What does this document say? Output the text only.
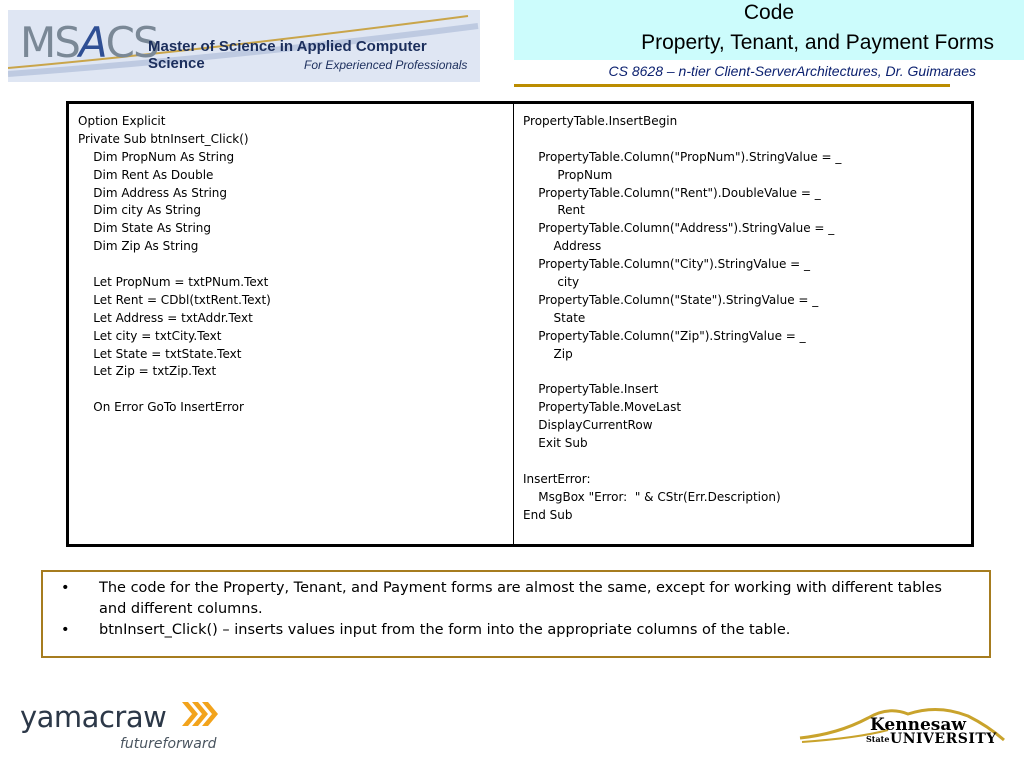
MSACS
Master of Science in Applied Computer Science	For Experienced Professionals
Code
Property, Tenant, and Payment Forms
CS 8628 – n-tier Client-ServerArchitectures, Dr. Guimaraes
Option Explicit
Private Sub btnInsert_Click()
Dim PropNum As String
Dim Rent As Double
Dim Address As String
Dim city As String
Dim State As String
Dim Zip As String
Let PropNum = txtPNum.Text
Let Rent = CDbl(txtRent.Text)
Let Address = txtAddr.Text
Let city = txtCity.Text
Let State = txtState.Text
Let Zip = txtZip.Text
On Error GoTo InsertError
PropertyTable.InsertBegin
PropertyTable.Column("PropNum").StringValue = _
PropNum
PropertyTable.Column("Rent").DoubleValue = _
Rent
PropertyTable.Column("Address").StringValue = _
Address
PropertyTable.Column("City").StringValue = _
city
PropertyTable.Column("State").StringValue = _
State
PropertyTable.Column("Zip").StringValue = _
Zip
PropertyTable.Insert
PropertyTable.MoveLast
DisplayCurrentRow
Exit Sub
InsertError:
MsgBox "Error:  " & CStr(Err.Description)
End Sub
•	The code for the Property, Tenant, and Payment forms are almost the same, except for working with different tables and different columns.
•	btnInsert_Click() – inserts values input from the form into the appropriate columns of the table.
yamacraw
futureforward
Kennesaw
State UNIVERSITY
